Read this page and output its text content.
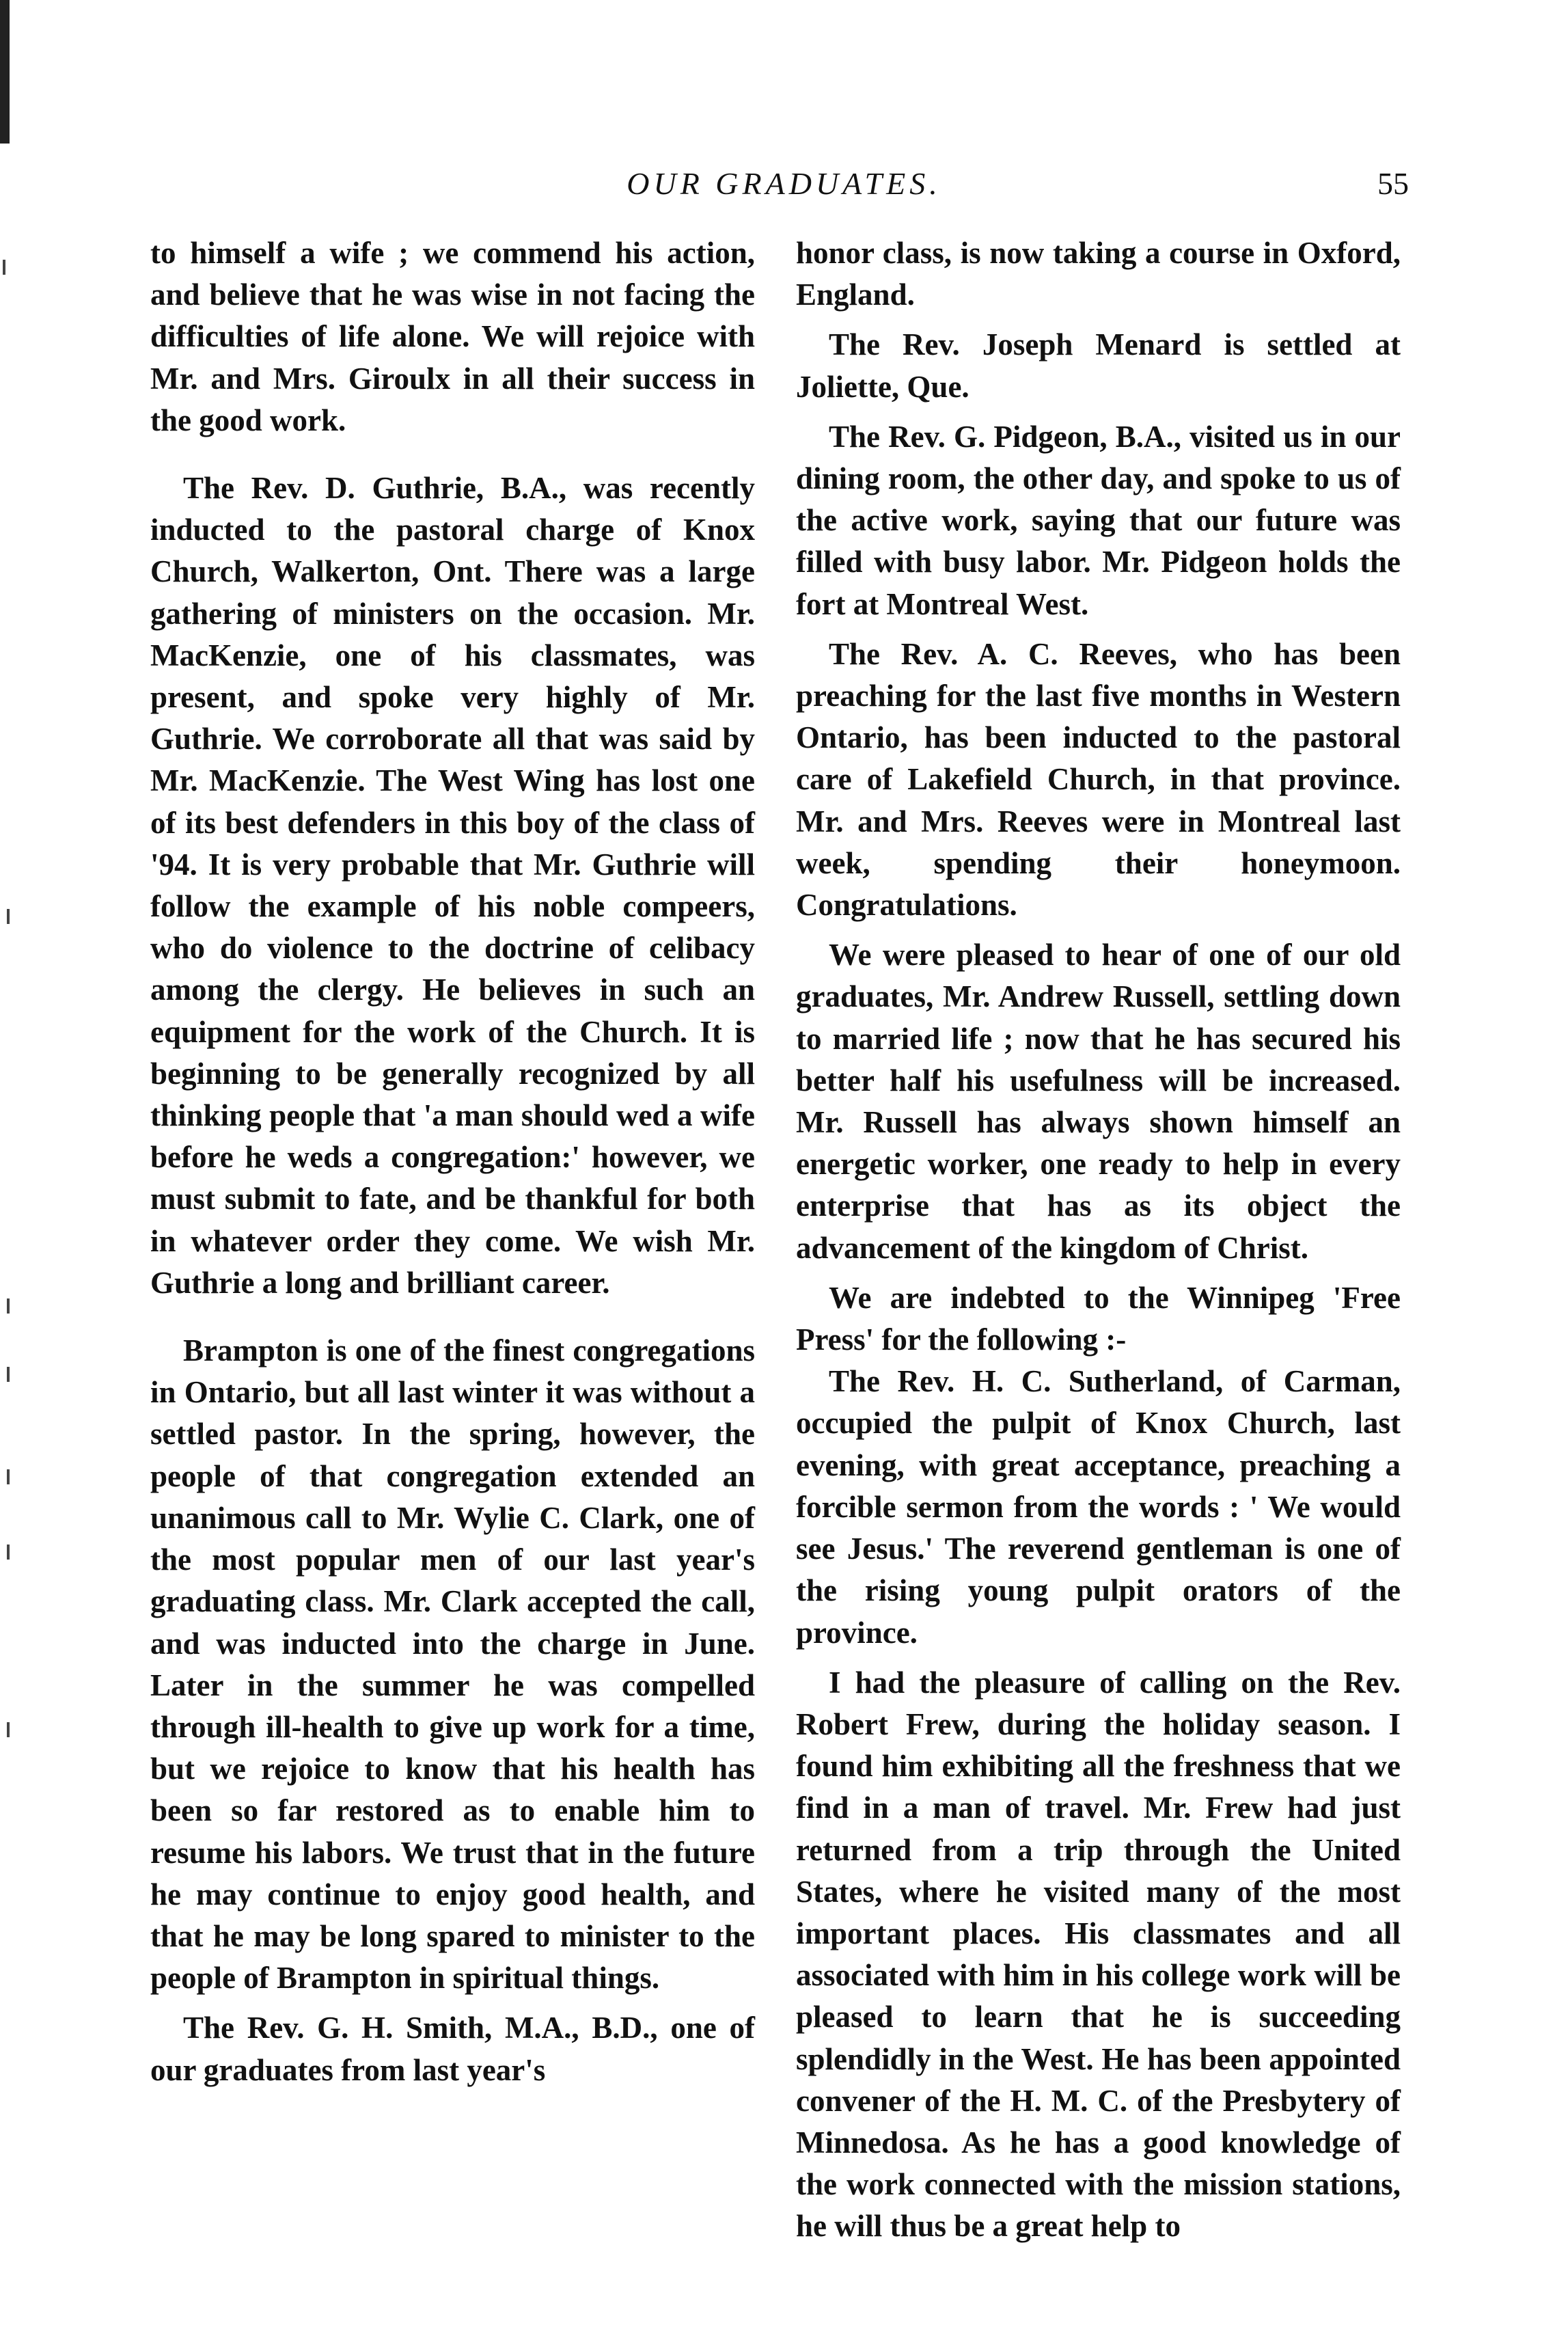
OUR GRADUATES.	55

to himself a wife ; we commend his action, and believe that he was wise in not facing the difficulties of life alone. We will rejoice with Mr. and Mrs. Giroulx in all their success in the good work.

The Rev. D. Guthrie, B.A., was recently inducted to the pastoral charge of Knox Church, Walkerton, Ont. There was a large gathering of ministers on the occasion. Mr. MacKenzie, one of his classmates, was present, and spoke very highly of Mr. Guthrie. We corroborate all that was said by Mr. MacKenzie. The West Wing has lost one of its best defenders in this boy of the class of '94. It is very probable that Mr. Guthrie will follow the example of his noble compeers, who do violence to the doctrine of celibacy among the clergy. He believes in such an equipment for the work of the Church. It is beginning to be generally recognized by all thinking people that 'a man should wed a wife before he weds a congregation:' however, we must submit to fate, and be thankful for both in whatever order they come. We wish Mr. Guthrie a long and brilliant career.

Brampton is one of the finest congregations in Ontario, but all last winter it was without a settled pastor. In the spring, however, the people of that congregation extended an unanimous call to Mr. Wylie C. Clark, one of the most popular men of our last year's graduating class. Mr. Clark accepted the call, and was inducted into the charge in June. Later in the summer he was compelled through ill-health to give up work for a time, but we rejoice to know that his health has been so far restored as to enable him to resume his labors. We trust that in the future he may continue to enjoy good health, and that he may be long spared to minister to the people of Brampton in spiritual things.

The Rev. G. H. Smith, M.A., B.D., one of our graduates from last year's

honor class, is now taking a course in Oxford, England.

The Rev. Joseph Menard is settled at Joliette, Que.

The Rev. G. Pidgeon, B.A., visited us in our dining room, the other day, and spoke to us of the active work, saying that our future was filled with busy labor. Mr. Pidgeon holds the fort at Montreal West.

The Rev. A. C. Reeves, who has been preaching for the last five months in Western Ontario, has been inducted to the pastoral care of Lakefield Church, in that province. Mr. and Mrs. Reeves were in Montreal last week, spending their honeymoon. Congratulations.

We were pleased to hear of one of our old graduates, Mr. Andrew Russell, settling down to married life ; now that he has secured his better half his usefulness will be increased. Mr. Russell has always shown himself an energetic worker, one ready to help in every enterprise that has as its object the advancement of the kingdom of Christ.

We are indebted to the Winnipeg 'Free Press' for the following :-

The Rev. H. C. Sutherland, of Carman, occupied the pulpit of Knox Church, last evening, with great acceptance, preaching a forcible sermon from the words : ' We would see Jesus.' The reverend gentleman is one of the rising young pulpit orators of the province.

I had the pleasure of calling on the Rev. Robert Frew, during the holiday season. I found him exhibiting all the freshness that we find in a man of travel. Mr. Frew had just returned from a trip through the United States, where he visited many of the most important places. His classmates and all associated with him in his college work will be pleased to learn that he is succeeding splendidly in the West. He has been appointed convener of the H. M. C. of the Presbytery of Minnedosa. As he has a good knowledge of the work connected with the mission stations, he will thus be a great help to
